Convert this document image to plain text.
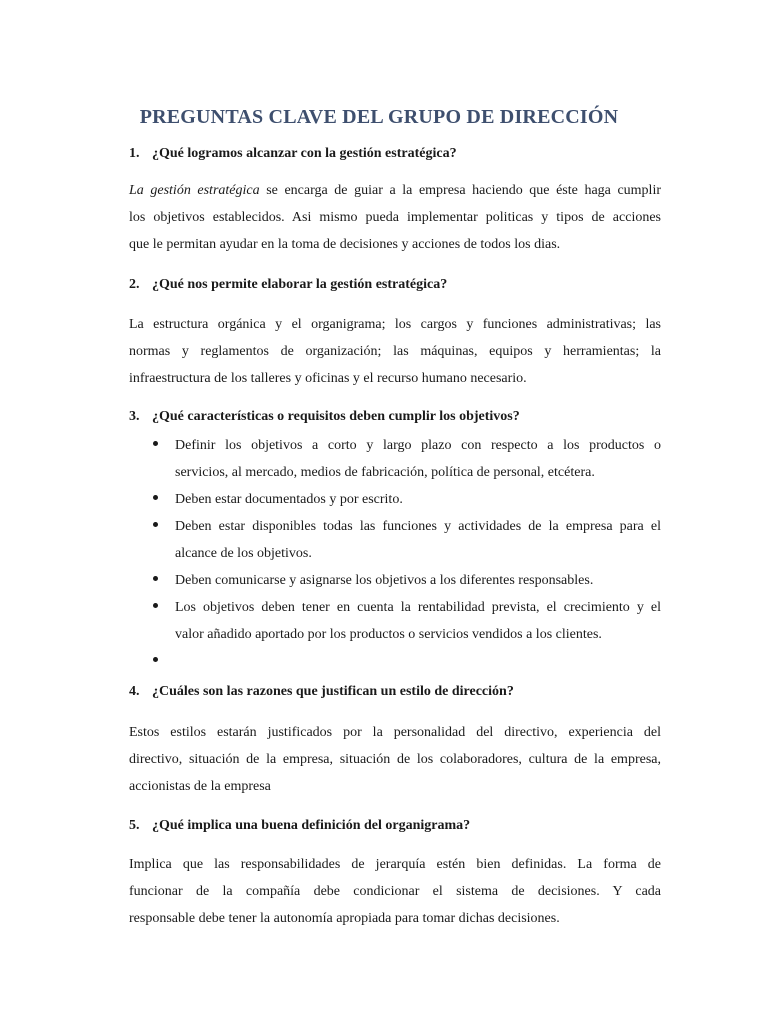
PREGUNTAS CLAVE DEL GRUPO DE DIRECCIÓN
1. ¿Qué logramos alcanzar con la gestión estratégica?
La gestión estratégica se encarga de guiar a la empresa haciendo que éste haga cumplir
los objetivos establecidos. Asi mismo pueda implementar politicas y tipos de acciones
que le permitan ayudar en la toma de decisiones y acciones de todos los dias.
2. ¿Qué nos permite elaborar la gestión estratégica?
La estructura orgánica y el organigrama; los cargos y funciones administrativas; las
normas y reglamentos de organización; las máquinas, equipos y herramientas; la
infraestructura de los talleres y oficinas y el recurso humano necesario.
3. ¿Qué características o requisitos deben cumplir los objetivos?
Definir los objetivos a corto y largo plazo con respecto a los productos o
servicios, al mercado, medios de fabricación, política de personal, etcétera.
Deben estar documentados y por escrito.
Deben estar disponibles todas las funciones y actividades de la empresa para el
alcance de los objetivos.
Deben comunicarse y asignarse los objetivos a los diferentes responsables.
Los objetivos deben tener en cuenta la rentabilidad prevista, el crecimiento y el
valor añadido aportado por los productos o servicios vendidos a los clientes.
4. ¿Cuáles son las razones que justifican un estilo de dirección?
Estos estilos estarán justificados por la personalidad del directivo, experiencia del
directivo, situación de la empresa, situación de los colaboradores, cultura de la empresa,
accionistas de la empresa
5. ¿Qué implica una buena definición del organigrama?
Implica que las responsabilidades de jerarquía estén bien definidas. La forma de
funcionar de la compañía debe condicionar el sistema de decisiones. Y cada
responsable debe tener la autonomía apropiada para tomar dichas decisiones.
